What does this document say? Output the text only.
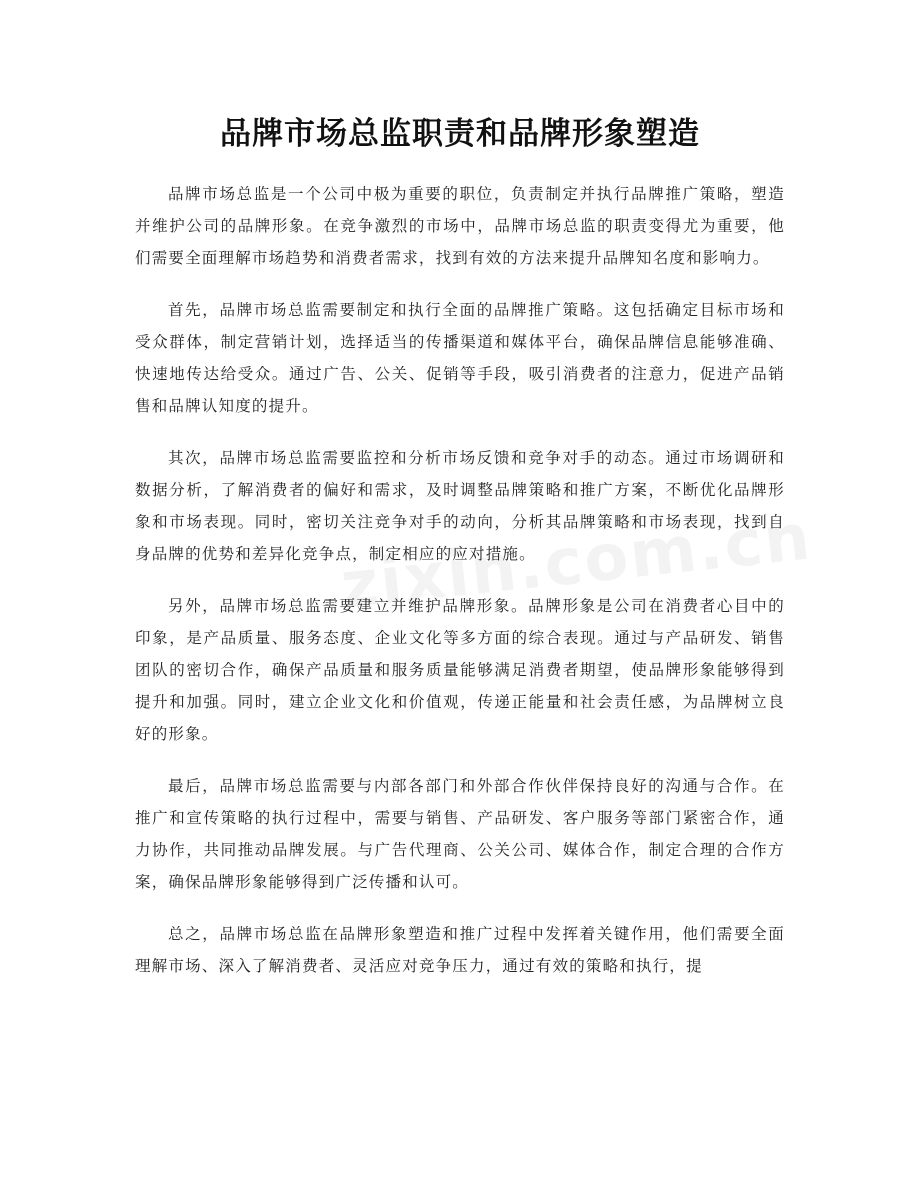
品牌市场总监职责和品牌形象塑造

品牌市场总监是一个公司中极为重要的职位，负责制定并执行品牌推广策略，塑造并维护公司的品牌形象。在竞争激烈的市场中，品牌市场总监的职责变得尤为重要，他们需要全面理解市场趋势和消费者需求，找到有效的方法来提升品牌知名度和影响力。

首先，品牌市场总监需要制定和执行全面的品牌推广策略。这包括确定目标市场和受众群体，制定营销计划，选择适当的传播渠道和媒体平台，确保品牌信息能够准确、快速地传达给受众。通过广告、公关、促销等手段，吸引消费者的注意力，促进产品销售和品牌认知度的提升。

其次，品牌市场总监需要监控和分析市场反馈和竞争对手的动态。通过市场调研和数据分析，了解消费者的偏好和需求，及时调整品牌策略和推广方案，不断优化品牌形象和市场表现。同时，密切关注竞争对手的动向，分析其品牌策略和市场表现，找到自身品牌的优势和差异化竞争点，制定相应的应对措施。

另外，品牌市场总监需要建立并维护品牌形象。品牌形象是公司在消费者心目中的印象，是产品质量、服务态度、企业文化等多方面的综合表现。通过与产品研发、销售团队的密切合作，确保产品质量和服务质量能够满足消费者期望，使品牌形象能够得到提升和加强。同时，建立企业文化和价值观，传递正能量和社会责任感，为品牌树立良好的形象。

最后，品牌市场总监需要与内部各部门和外部合作伙伴保持良好的沟通与合作。在推广和宣传策略的执行过程中，需要与销售、产品研发、客户服务等部门紧密合作，通力协作，共同推动品牌发展。与广告代理商、公关公司、媒体合作，制定合理的合作方案，确保品牌形象能够得到广泛传播和认可。

总之，品牌市场总监在品牌形象塑造和推广过程中发挥着关键作用，他们需要全面理解市场、深入了解消费者、灵活应对竞争压力，通过有效的策略和执行，提
